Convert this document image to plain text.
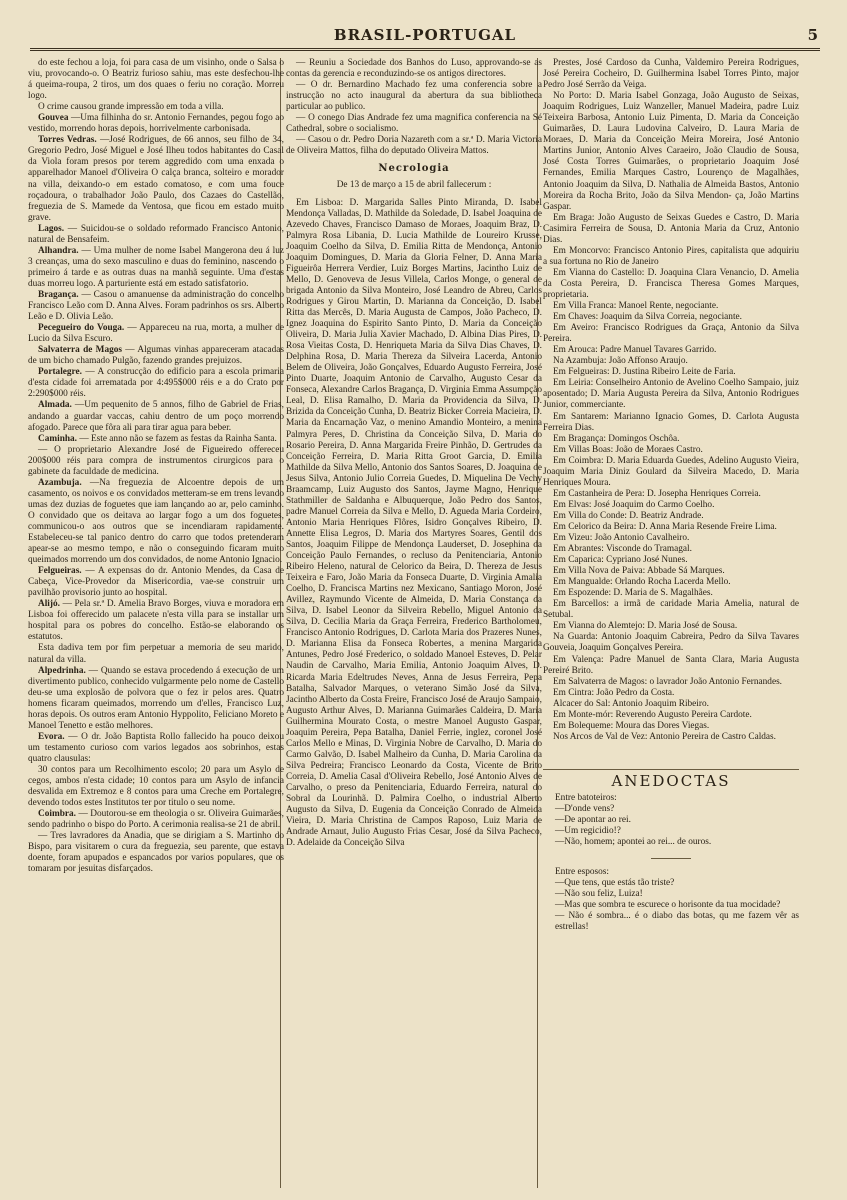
BRASIL-PORTUGAL	5

do este fechou a loja, foi para casa de um visinho, onde o Salsa o viu, provocando-o. O Beatriz furioso sahiu, mas este desfechou-lhe á queima-roupa, 2 tiros, um dos quaes o feriu no coração. Morreu logo.

O crime causou grande impressão em toda a villa.

Gouvea —Uma filhinha do sr. Antonio Fernandes, pegou fogo ao vestido, morrendo horas depois, horrivelmente carbonisada.

Torres Vedras. —José Rodrigues, de 66 annos, seu filho de 34, Gregorio Pedro, José Miguel e José Ilheu todos habitantes do Casal da Viola foram presos por terem aggredido com uma enxada o apparelhador Manoel d'Oliveira O calça branca, solteiro e morador na villa, deixando-o em estado comatoso, e com uma fouce roçadoura, o trabalhador João Paulo, dos Cazaes do Castellão, freguezia de S. Mamede da Ventosa, que ficou em estado muito grave.

Lagos. — Suicidou-se o soldado reformado Francisco Antonio, natural de Bensafeim.

Alhandra. — Uma mulher de nome Isabel Mangerona deu á luz 3 creanças, uma do sexo masculino e duas do feminino, nascendo o primeiro á tarde e as outras duas na manhã seguinte. Uma d'estas duas morreu logo. A parturiente está em estado satisfatorio.

Bragança. — Casou o amanuense da administração do concelho Francisco Leão com D. Anna Alves. Foram padrinhos os srs. Alberto Leão e D. Olivia Leão.

Pecegueiro do Vouga. — Appareceu na rua, morta, a mulher de Lucio da Silva Escuro.

Salvaterra de Magos — Algumas vinhas appareceram atacadas de um bicho chamado Pulgão, fazendo grandes prejuizos.

Portalegre. — A construcção do edificio para a escola primaria d'esta cidade foi arrematada por 4:495$000 réis e a do Crato por 2:290$000 réis.

Almada. —Um pequenito de 5 annos, filho de Gabriel de Frias, andando a guardar vaccas, cahiu dentro de um poço morrendo afogado. Parece que fôra ali para tirar agua para beber.

Caminha. — Este anno não se fazem as festas da Rainha Santa.

— O proprietario Alexandre José de Figueiredo offereceu 200$000 réis para compra de instrumentos cirurgicos para o gabinete da faculdade de medicina.

Azambuja. —Na freguezia de Alcoentre depois de um casamento, os noivos e os convidados metteram-se em trens levando umas dez duzias de foguetes que iam lançando ao ar, pelo caminho. O convidado que os deitava ao largar fogo a um dos foguetes, communicou-o aos outros que se incendiaram rapidamente. Estabeleceu-se tal panico dentro do carro que todos pretenderam apear-se ao mesmo tempo, e não o conseguindo ficaram muito queimados morrendo um dos convidados, de nome Antonio Ignacio.

Felgueiras. — A expensas do dr. Antonio Mendes, da Casa de Cabeça, Vice-Provedor da Misericordia, vae-se construir um pavilhão provisorio junto ao hospital.

Alijó. — Pela sr.ª D. Amelia Bravo Borges, viuva e moradora em Lisboa foi offerecido um palacete n'esta villa para se installar um hospital para os pobres do concelho. Estão-se elaborando os estatutos.

Esta dadiva tem por fim perpetuar a memoria de seu marido, natural da villa.

Alpedrinha. — Quando se estava procedendo á execução de um divertimento publico, conhecido vulgarmente pelo nome de Castello deu-se uma explosão de polvora que o fez ir pelos ares. Quatro homens ficaram queimados, morrendo um d'elles, Francisco Luz, horas depois. Os outros eram Antonio Hyppolito, Feliciano Moreto e Manoel Tenetto e estão melhores.

Evora. — O dr. João Baptista Rollo fallecido ha pouco deixou um testamento curioso com varios legados aos sobrinhos, estas quatro clausulas:

30 contos para um Recolhimento escolo; 20 para um Asylo de cegos, ambos n'esta cidade; 10 contos para um Asylo de infancia desvalida em Extremoz e 8 contos para uma Creche em Portalegre, devendo todos estes Institutos ter por titulo o seu nome.

Coimbra. — Doutorou-se em theologia o sr. Oliveira Guimarães, sendo padrinho o bispo do Porto. A cerimonia realisa-se 21 de abril.

— Tres lavradores da Anadia, que se dirigiam a S. Martinho do Bispo, para visitarem o cura da freguezia, seu parente, que estava doente, foram apupados e espancados por varios populares, que os tomaram por jesuitas disfarçados.

— Reuniu a Sociedade dos Banhos do Luso, approvando-se as contas da gerencia e reconduzindo-se os antigos directores.

— O dr. Bernardino Machado fez uma conferencia sobre a instrucção no acto inaugural da abertura da sua bibliotheca particular ao publico.

— O conego Dias Andrade fez uma magnifica conferencia na Sé Cathedral, sobre o socialismo.

— Casou o dr. Pedro Doria Nazareth com a sr.ª D. Maria Victoria de Oliveira Mattos, filha do deputado Oliveira Mattos.

Necrologia

De 13 de março a 15 de abril fallecerum :

Em Lisboa: D. Margarida Salles Pinto Miranda, D. Isabel Mendonça Valladas, D. Mathilde da Soledade, D. Isabel Joaquina de Azevedo Chaves, Francisco Damaso de Moraes, Joaquim Braz, D. Palmyra Rosa Libania, D. Lucia Mathilde de Loureiro Krusse, Joaquim Coelho da Silva, D. Emilia Ritta de Mendonça, Antonio Joaquim Domingues, D. Maria da Gloria Felner, D. Anna Maria Figueirôa Herrera Verdier, Luiz Borges Martins, Jacintho Luiz de Mello, D. Genoveva de Jesus Villela, Carlos Monge, o general de brigada Antonio da Silva Monteiro, José Leandro de Abreu, Carlos Rodrigues y Girou Martin, D. Marianna da Conceição, D. Isabel Ritta das Mercês, D. Maria Augusta de Campos, João Pacheco, D. Ignez Joaquina do Espirito Santo Pinto, D. Maria da Conceição Oliveira, D. Maria Julia Xavier Machado, D. Albina Dias Pires, D. Rosa Vieitas Costa, D. Henriqueta Maria da Silva Dias Chaves, D. Delphina Rosa, D. Maria Thereza da Silveira Lacerda, Antonio Belem de Oliveira, João Gonçalves, Eduardo Augusto Ferreira, José Pinto Duarte, Joaquim Antonio de Carvalho, Augusto Cesar da Fonseca, Alexandre Carlos Bragança, D. Virginia Emma Assumpção Leal, D. Elisa Ramalho, D. Maria da Providencia da Silva, D. Brizida da Conceição Cunha, D. Beatriz Bicker Correia Macieira, D. Maria da Encarnação Vaz, o menino Amandio Monteiro, a menina Palmyra Peres, D. Christina da Conceição Silva, D. Maria do Rosario Pereira, D. Anna Margarida Freire Pinhão, D. Gertrudes da Conceição Ferreira, D. Maria Ritta Groot Garcia, D. Emilia Mathilde da Silva Mello, Antonio dos Santos Soares, D. Joaquina de Jesus Silva, Antonio Julio Correia Guedes, D. Miquelina De Vechy Braamcamp, Luiz Augusto dos Santos, Jayme Magno, Henrique Stathmiller de Saldanha e Albuquerque, João Pedro dos Santos, padre Manuel Correia da Silva e Mello, D. Agueda Maria Cordeiro, Antonio Maria Henriques Flôres, Isidro Gonçalves Ribeiro, D. Annette Elisa Legros, D. Maria dos Martyres Soares, Gentil dos Santos, Joaquim Filippe de Mendonça Lauderset, D. Josephina da Conceição Paulo Fernandes, o recluso da Penitenciaria, Antonio Ribeiro Heleno, natural de Celorico da Beira, D. Thereza de Jesus Teixeira e Faro, João Maria da Fonseca Duarte, D. Virginia Amalia Coelho, D. Francisca Martins nez Mexicano, Santiago Moron, José Avillez, Raymundo Vicente de Almeida, D. Maria Constança da Silva, D. Isabel Leonor da Silveira Rebello, Miguel Antonio da Silva, D. Cecilia Maria da Graça Ferreira, Frederico Bartholomeu, Francisco Antonio Rodrigues, D. Carlota Maria dos Prazeres Nunes, D. Marianna Elisa da Fonseca Robertes, a menina Margarida Antunes, Pedro José Frederico, o soldado Manoel Esteves, D. Pelar Naudin de Carvalho, Maria Emilia, Antonio Joaquim Alves, D. Ricarda Maria Edeltrudes Neves, Anna de Jesus Ferreira, Pepa Batalha, Salvador Marques, o veterano Simão José da Silva, Jacintho Alberto da Costa Freire, Francisco José de Araujo Sampaio, Augusto Arthur Alves, D. Marianna Guimarães Caldeira, D. Maria Guilhermina Mourato Costa, o mestre Manoel Augusto Gaspar, Joaquim Pereira, Pepa Batalha, Daniel Ferrie, inglez, coronel José Carlos Mello e Minas, D. Virginia Nobre de Carvalho, D. Maria do Carmo Galvão, D. Isabel Malheiro da Cunha, D. Maria Carolina da Silva Pedreira; Francisco Leonardo da Costa, Vicente de Brito Correia, D. Amelia Casal d'Oliveira Rebello, José Antonio Alves de Carvalho, o preso da Penitenciaria, Eduardo Ferreira, natural do Sobral da Lourinhã. D. Palmira Coelho, o industrial Alberto Augusto da Silva, D. Eugenia da Conceição Conrado de Almeida Vieira, D. Maria Christina de Campos Raposo, Luiz Maria de Andrade Arnaut, Julio Augusto Frias Cesar, José da Silva Pacheco, D. Adelaide da Conceição Silva

Prestes, José Cardoso da Cunha, Valdemiro Pereira Rodrigues, José Pereira Cocheiro, D. Guilhermina Isabel Torres Pinto, major Pedro José Serrão da Veiga.

No Porto: D. Maria Isabel Gonzaga, João Augusto de Seixas, Joaquim Rodrigues, Luiz Wanzeller, Manuel Madeira, padre Luiz Teixeira Barbosa, Antonio Luiz Pimenta, D. Maria da Conceição Guimarães, D. Laura Ludovina Calveiro, D. Laura Maria de Moraes, D. Maria da Conceição Meira Moreira, José Antonio Martins Junior, Antonio Alves Caraeiro, João Claudio de Sousa, José Costa Torres Guimarães, o proprietario Joaquim José Fernandes, Emilia Marques Castro, Lourenço de Magalhães, Antonio Joaquim da Silva, D. Nathalia de Almeida Bastos, Antonio Moreira da Rocha Brito, João da Silva Mendon- ça, João Martins Gaspar.

Em Braga: João Augusto de Seixas Guedes e Castro, D. Maria Casimira Ferreira de Sousa, D. Antonia Maria da Cruz, Antonio Dias.

Em Moncorvo: Francisco Antonio Pires, capitalista que adquiriu a sua fortuna no Rio de Janeiro

Em Vianna do Castello: D. Joaquina Clara Venancio, D. Amelia da Costa Pereira, D. Francisca Theresa Gomes Marques, proprietaria.

Em Villa Franca: Manoel Rente, negociante.

Em Chaves: Joaquim da Silva Correia, negociante.

Em Aveiro: Francisco Rodrigues da Graça, Antonio da Silva Pereira.

Em Arouca: Padre Manuel Tavares Garrido.

Na Azambuja: João Affonso Araujo.

Em Felgueiras: D. Justina Ribeiro Leite de Faria.

Em Leiria: Conselheiro Antonio de Avelino Coelho Sampaio, juiz aposentado; D. Maria Augusta Pereira da Silva, Antonio Rodrigues Junior, commerciante.

Em Santarem: Marianno Ignacio Gomes, D. Carlota Augusta Ferreira Dias.

Em Bragança: Domingos Oschôa.

Em Villas Boas: João de Moraes Castro.

Em Coimbra: D. Maria Eduarda Guedes, Adelino Augusto Vieira, Joaquim Maria Diniz Goulard da Silveira Macedo, D. Maria Henriques Moura.

Em Castanheira de Pera: D. Josepha Henriques Correia.

Em Elvas: José Joaquim do Carmo Coelho.

Em Villa do Conde: D. Beatriz Andrade.

Em Celorico da Beira: D. Anna Maria Resende Freire Lima.

Em Vizeu: João Antonio Cavalheiro.

Em Abrantes: Visconde do Tramagal.

Em Caparica: Cypriano José Nunes.

Em Villa Nova de Paiva: Abbade Sá Marques.

Em Mangualde: Orlando Rocha Lacerda Mello.

Em Espozende: D. Maria de S. Magalhães.

Em Barcellos: a irmã de caridade Maria Amelia, natural de Setubal.

Em Vianna do Alemtejo: D. Maria José de Sousa.

Na Guarda: Antonio Joaquim Cabreira, Pedro da Silva Tavares Gouveia, Joaquim Gonçalves Pereira.

Em Valença: Padre Manuel de Santa Clara, Maria Augusta Pereiré Brito.

Em Salvaterra de Magos: o lavrador João Antonio Fernandes.

Em Cintra: João Pedro da Costa.

Alcacer do Sal: Antonio Joaquim Ribeiro.

Em Monte-mór: Reverendo Augusto Pereira Cardote.

Em Bolequeme: Moura das Dores Viegas.

Nos Arcos de Val de Vez: Antonio Pereira de Castro Caldas.

ANEDOCTAS

Entre batoteiros:

—D'onde vens?

—De apontar ao rei.

—Um regicidio!?

—Não, homem; apontei ao rei... de ouros.

Entre esposos:

—Que tens, que estás tão triste?

—Não sou feliz, Luiza!

—Mas que sombra te escurece o horisonte da tua mocidade?

— Não é sombra... é o diabo das botas, qu me fazem vêr as estrellas!
